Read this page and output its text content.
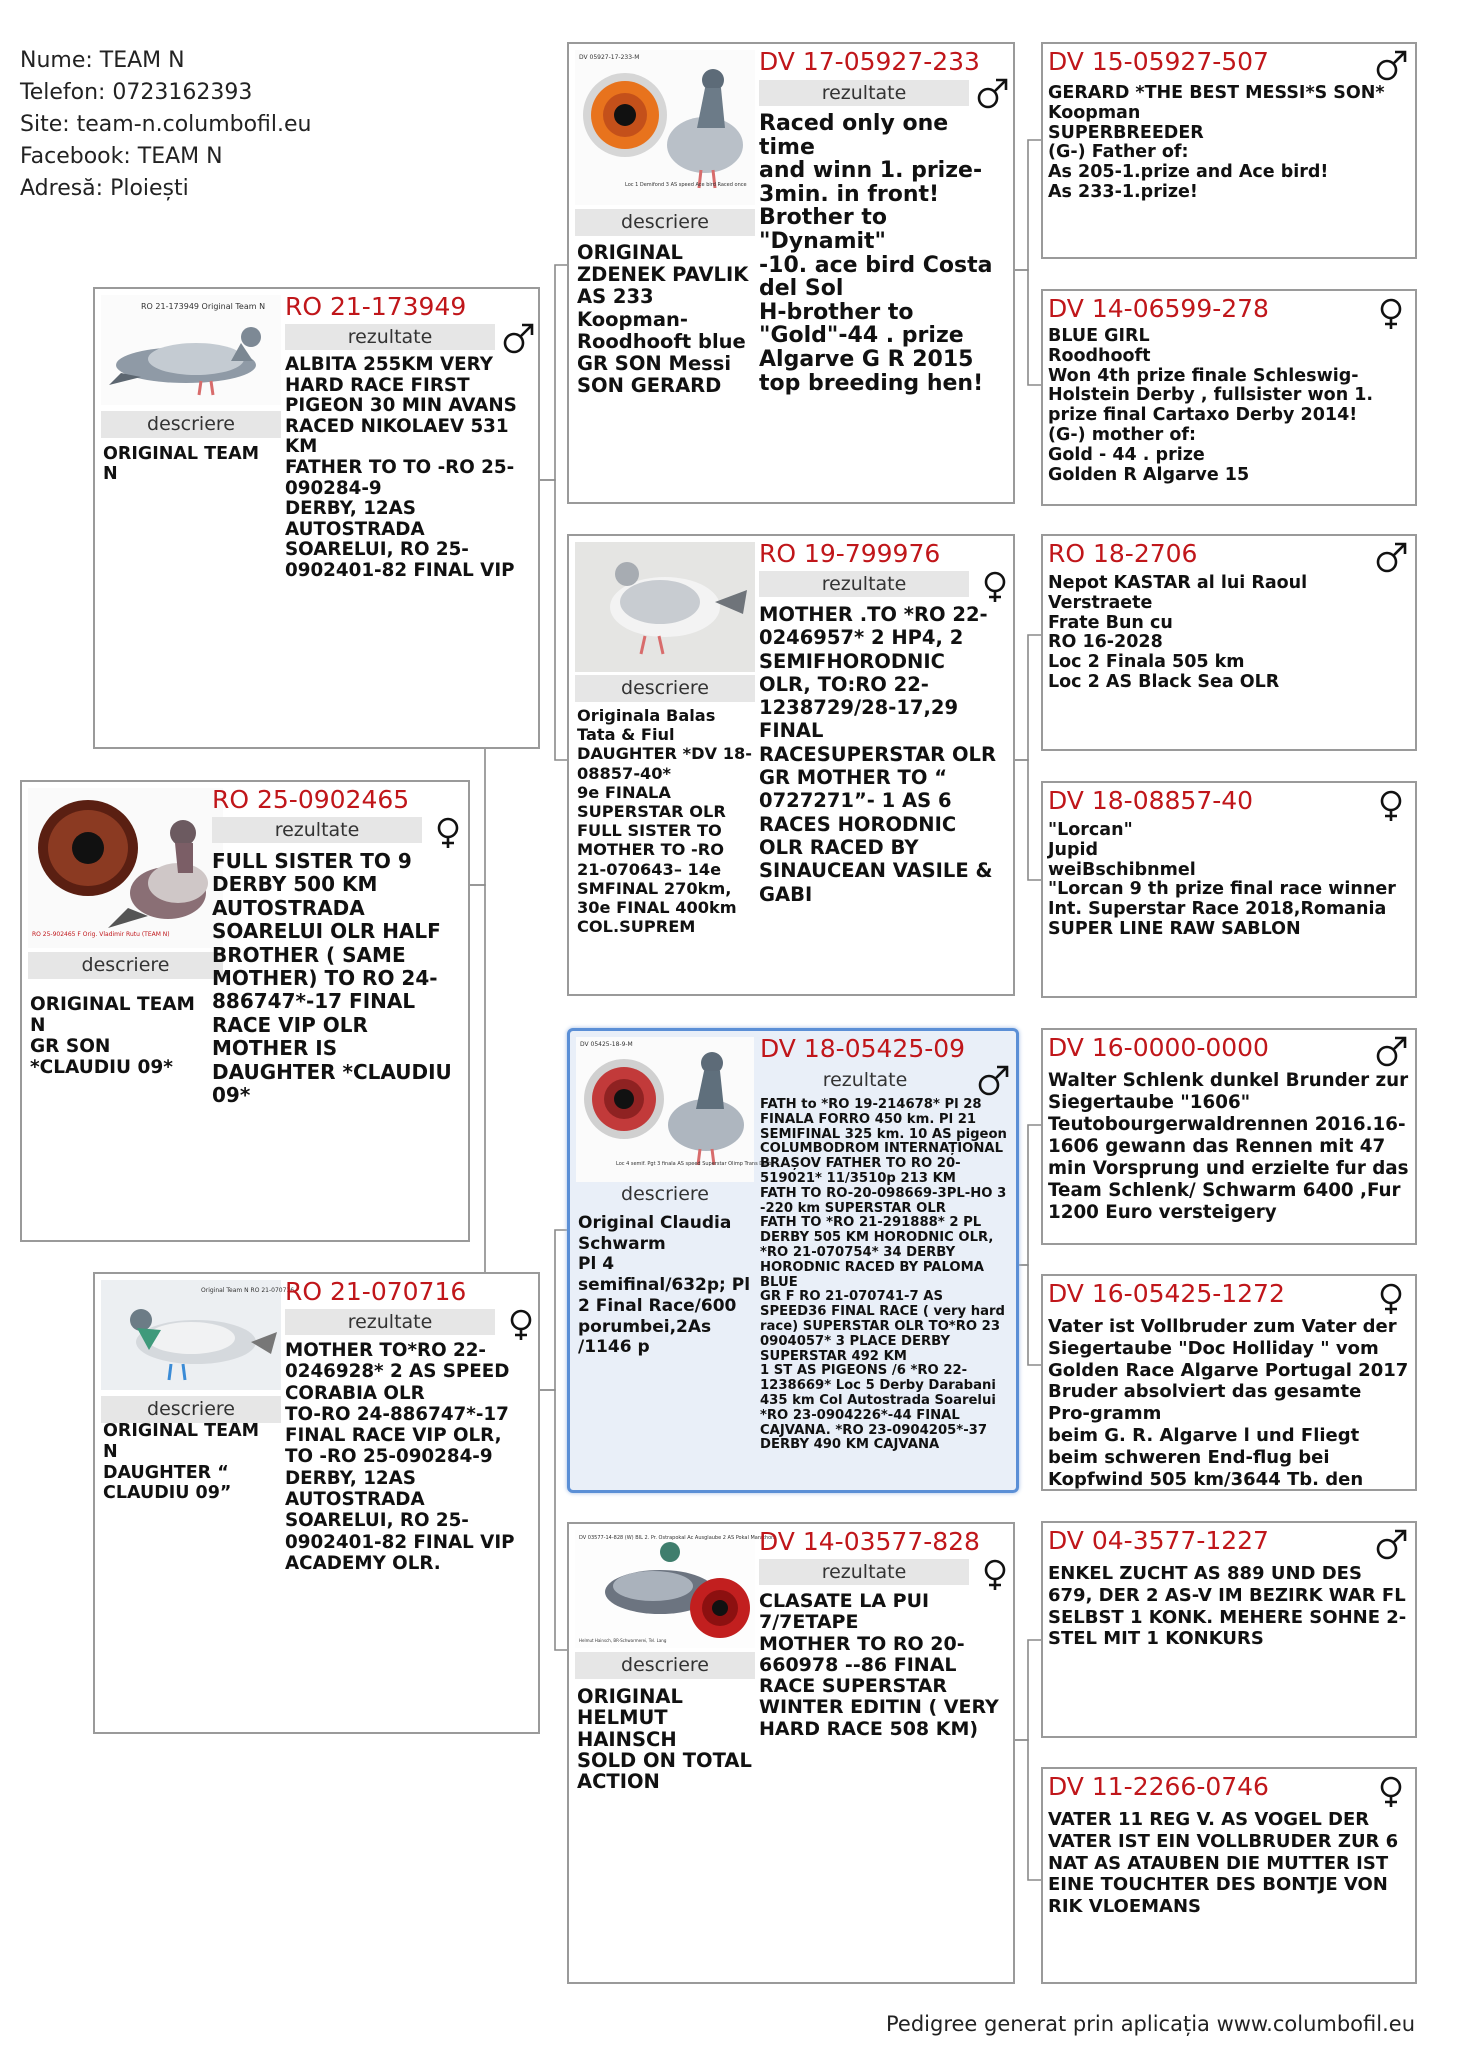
Nume: TEAM N
Telefon: 0723162393
Site: team-n.columbofil.eu
Facebook: TEAM N
Adresă: Ploiești
RO 25-902465 F Orig. Vladimir Rutu (TEAM N)
descriere
ORIGINAL TEAM N
GR SON *CLAUDIU 09*
RO 25-0902465
rezultate
FULL SISTER TO 9 DERBY 500 KM AUTOSTRADA SOARELUI OLR HALF BROTHER ( SAME MOTHER) TO RO 24-886747*-17 FINAL RACE VIP OLR MOTHER IS DAUGHTER *CLAUDIU 09*
RO 21-173949 Original Team N
descriere
ORIGINAL TEAM N
RO 21-173949
rezultate
ALBITA 255KM VERY HARD RACE FIRST PIGEON 30 MIN AVANS RACED NIKOLAEV 531 KM
FATHER TO TO -RO 25-090284-9
DERBY, 12AS AUTOSTRADA SOARELUI, RO 25-0902401-82 FINAL VIP
Original Team N RO 21-070716
descriere
ORIGINAL TEAM N
DAUGHTER “ CLAUDIU 09”
RO 21-070716
rezultate
MOTHER TO*RO 22-0246928* 2 AS SPEED CORABIA OLR
TO-RO 24-886747*-17 FINAL RACE VIP OLR, TO -RO 25-090284-9 DERBY, 12AS AUTOSTRADA SOARELUI, RO 25-0902401-82 FINAL VIP ACADEMY OLR.
DV 05927-17-233-M
Loc 1 Demifond 3 AS speed Ace bird Raced once
descriere
ORIGINAL ZDENEK PAVLIK
AS 233 Koopman-Roodhooft blue
GR SON Messi SON GERARD
DV 17-05927-233
rezultate
Raced only one time
and winn 1. prize-3min. in front!
Brother to "Dynamit"
-10. ace bird Costa del Sol
H-brother to "Gold"-44 . prize Algarve G R 2015
top breeding hen!
descriere
Originala Balas Tata & Fiul
DAUGHTER *DV 18-08857-40*
9e FINALA SUPERSTAR OLR
FULL SISTER TO MOTHER TO -RO 21-070643– 14e SMFINAL 270km, 30e FINAL 400km COL.SUPREM
RO 19-799976
rezultate
MOTHER .TO *RO 22-0246957* 2 HP4, 2 SEMIFHORODNIC OLR, TO:RO 22-1238729/28-17,29 FINAL RACESUPERSTAR OLR
GR MOTHER TO “ 0727271”- 1 AS 6 RACES HORODNIC OLR RACED BY SINAUCEAN VASILE & GABI
DV 05425-18-9-M
Loc 4 semif. Pgt 3 finala AS speed Superstar Olimp Trans Derby
descriere
Original Claudia Schwarm
Pl 4 semifinal/632p; Pl 2 Final Race/600 porumbei,2As /1146 p
DV 18-05425-09
rezultate
FATH to *RO 19-214678* Pl 28 FINALA FORRO 450 km. Pl 21 SEMIFINAL 325 km. 10 AS pigeon COLUMBODROM INTERNAȚIONAL BRAȘOV FATHER TO RO 20-519021* 11/3510p 213 KM
FATH TO RO-20-098669-3PL-HO 3 -220 km SUPERSTAR OLR
FATH TO *RO 21-291888* 2 PL DERBY 505 KM HORODNIC OLR, *RO 21-070754* 34 DERBY HORODNIC RACED BY PALOMA BLUE
GR F RO 21-070741-7 AS SPEED36 FINAL RACE ( very hard race) SUPERSTAR OLR TO*RO 23 0904057* 3 PLACE DERBY SUPERSTAR 492 KM
1 ST AS PIGEONS /6 *RO 22-1238669* Loc 5 Derby Darabani 435 km Col Autostrada Soarelui *RO 23-0904226*-44 FINAL CAJVANA. *RO 23-0904205*-37 DERBY 490 KM CAJVANA
DV 03577-14-828 (W) BIL 2. Pr. Ostrapokal Ac Ausglaube 2 AS Pokal Marathon
Helmut Hainsch, BR-Schwarmerei, Tel. Lang
descriere
ORIGINAL HELMUT HAINSCH
SOLD ON TOTAL ACTION
DV 14-03577-828
rezultate
CLASATE LA PUI 7/7ETAPE
MOTHER TO RO 20-660978 --86 FINAL RACE SUPERSTAR WINTER EDITIN ( VERY HARD RACE 508 KM)
DV 15-05927-507
GERARD *THE BEST MESSI*S SON*
Koopman
SUPERBREEDER
(G-) Father of:
As 205-1.prize and Ace bird!
As 233-1.prize!
DV 14-06599-278
BLUE GIRL
Roodhooft
Won 4th prize finale Schleswig-Holstein Derby , fullsister won 1.
prize final Cartaxo Derby 2014!
(G-) mother of:
Gold - 44 . prize
Golden R Algarve 15
RO 18-2706
Nepot KASTAR al lui Raoul Verstraete
Frate Bun cu
RO 16-2028
Loc 2 Finala 505 km
Loc 2 AS Black Sea OLR
DV 18-08857-40
"Lorcan"
Jupid
weiBschibnmel
"Lorcan 9 th prize final race winner
Int. Superstar Race 2018,Romania
SUPER LINE RAW SABLON
DV 16-0000-0000
Walter Schlenk dunkel Brunder zur Siegertaube "1606" Teutobourgerwaldrennen 2016.16-1606 gewann das Rennen mit 47 min Vorsprung und erzielte fur das Team Schlenk/ Schwarm 6400 ,Fur 1200 Euro versteigery
DV 16-05425-1272
Vater ist Vollbruder zum Vater der Siegertaube "Doc Holliday " vom Golden Race Algarve Portugal 2017 Bruder absolviert das gesamte Pro-gramm
beim G. R. Algarve l und Fliegt beim schweren End-flug bei Kopfwind 505 km/3644 Tb. den
DV 04-3577-1227
ENKEL ZUCHT AS 889 UND DES 679, DER 2 AS-V IM BEZIRK WAR FL SELBST 1 KONK. MEHERE SOHNE 2-STEL MIT 1 KONKURS
DV 11-2266-0746
VATER 11 REG V. AS VOGEL DER VATER IST EIN VOLLBRUDER ZUR 6 NAT AS ATAUBEN DIE MUTTER IST EINE TOUCHTER DES BONTJE VON RIK VLOEMANS
Pedigree generat prin aplicația www.columbofil.eu
